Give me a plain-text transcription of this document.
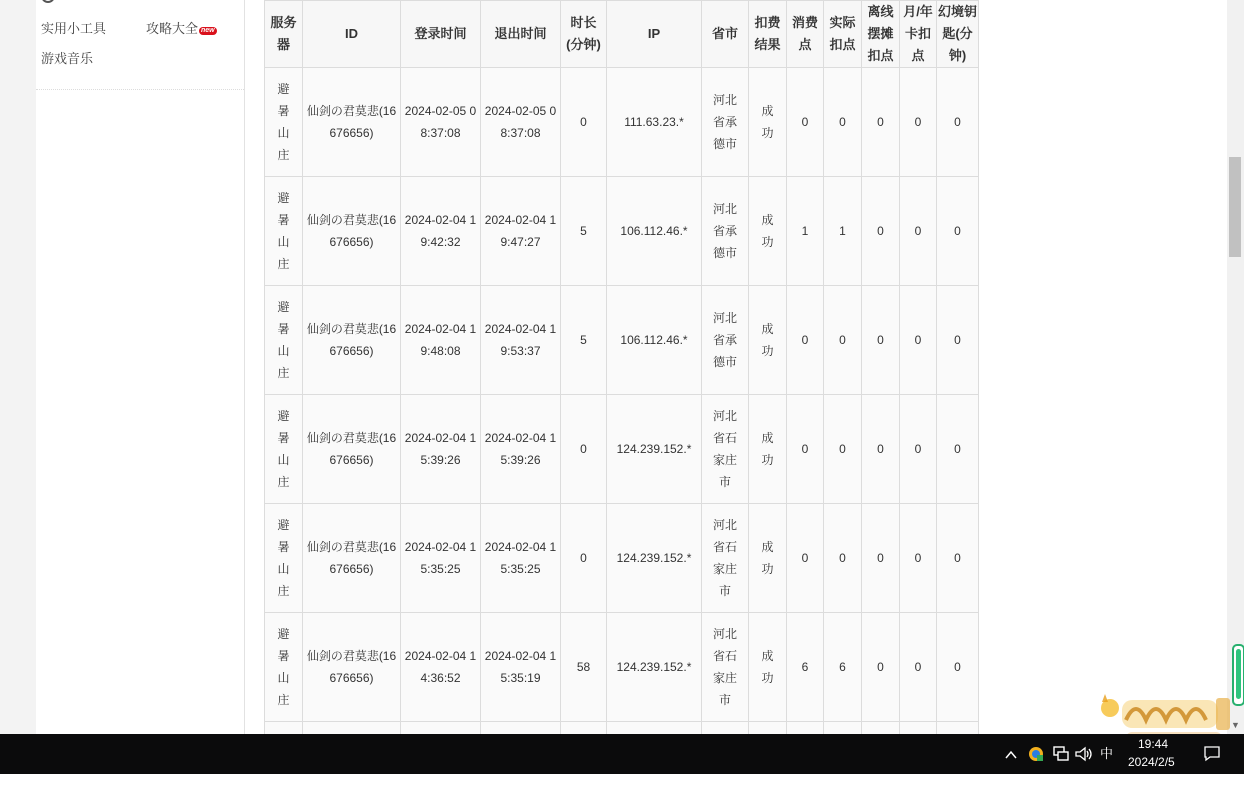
实用小工具	攻略大全 new
游戏音乐
服务器	ID	登录时间	退出时间	时长(分钟)	IP	省市	扣费结果	消费点	实际扣点	离线摆摊扣点	月/年卡扣点	幻境钥匙(分钟)
避暑山庄	仙剑の君莫悲(16676656)	2024-02-05 08:37:08	2024-02-05 08:37:08	0	111.63.23.*	河北省承德市	成功	0	0	0	0	0
避暑山庄	仙剑の君莫悲(16676656)	2024-02-04 19:42:32	2024-02-04 19:47:27	5	106.112.46.*	河北省承德市	成功	1	1	0	0	0
避暑山庄	仙剑の君莫悲(16676656)	2024-02-04 19:48:08	2024-02-04 19:53:37	5	106.112.46.*	河北省承德市	成功	0	0	0	0	0
避暑山庄	仙剑の君莫悲(16676656)	2024-02-04 15:39:26	2024-02-04 15:39:26	0	124.239.152.*	河北省石家庄市	成功	0	0	0	0	0
避暑山庄	仙剑の君莫悲(16676656)	2024-02-04 15:35:25	2024-02-04 15:35:25	0	124.239.152.*	河北省石家庄市	成功	0	0	0	0	0
避暑山庄	仙剑の君莫悲(16676656)	2024-02-04 14:36:52	2024-02-04 15:35:19	58	124.239.152.*	河北省石家庄市	成功	6	6	0	0	0

▼
中
19:44
2024/2/5
